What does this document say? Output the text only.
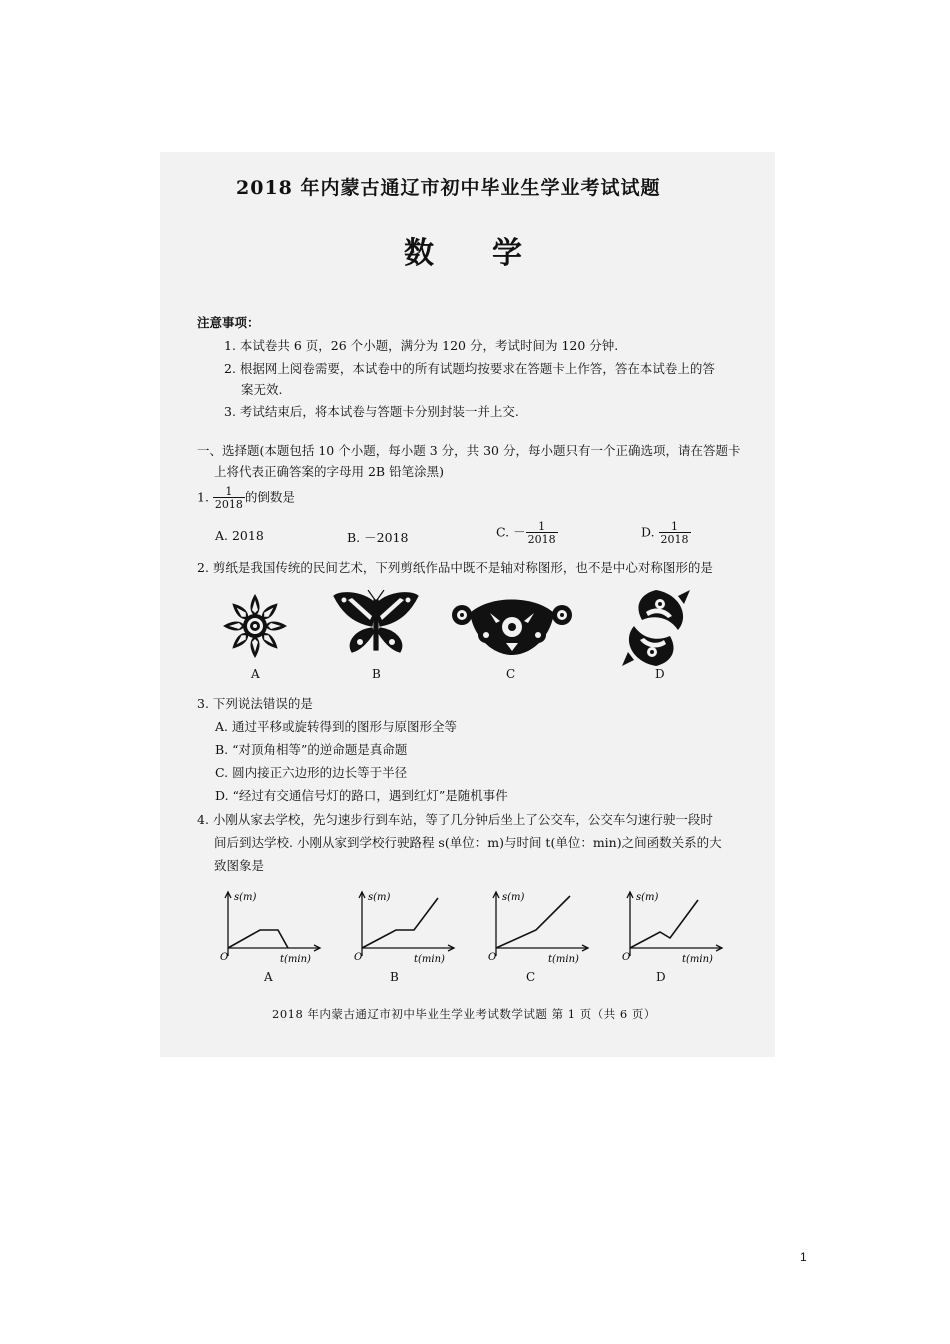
2018 年内蒙古通辽市初中毕业生学业考试试题
数学
注意事项：
1. 本试卷共 6 页，26 个小题，满分为 120 分，考试时间为 120 分钟.
2. 根据网上阅卷需要，本试卷中的所有试题均按要求在答题卡上作答，答在本试卷上的答
案无效.
3. 考试结束后，将本试卷与答题卡分别封装一并上交.
一、选择题(本题包括 10 个小题，每小题 3 分，共 30 分，每小题只有一个正确选项，请在答题卡
上将代表正确答案的字母用 2B 铅笔涂黑)
1. $\frac{1}{2018}$ 的倒数是
A. 2018	B. －2018	C. － $\frac{1}{2018}$	D. $\frac{1}{2018}$
2. 剪纸是我国传统的民间艺术，下列剪纸作品中既不是轴对称图形，也不是中心对称图形的是
A	B	C	D
3. 下列说法错误的是
A. 通过平移或旋转得到的图形与原图形全等
B. “对顶角相等”的逆命题是真命题
C. 圆内接正六边形的边长等于半径
D. “经过有交通信号灯的路口，遇到红灯”是随机事件
4. 小刚从家去学校，先匀速步行到车站，等了几分钟后坐上了公交车，公交车匀速行驶一段时
间后到达学校. 小刚从家到学校行驶路程 s(单位：m)与时间 t(单位：min)之间函数关系的大
致图象是
s(m)
O	t(min)
A
s(m)
O	t(min)
B
s(m)
O	t(min)
C
s(m)
O	t(min)
D
2018 年内蒙古通辽市初中毕业生学业考试数学试题 第 1 页（共 6 页）
1
